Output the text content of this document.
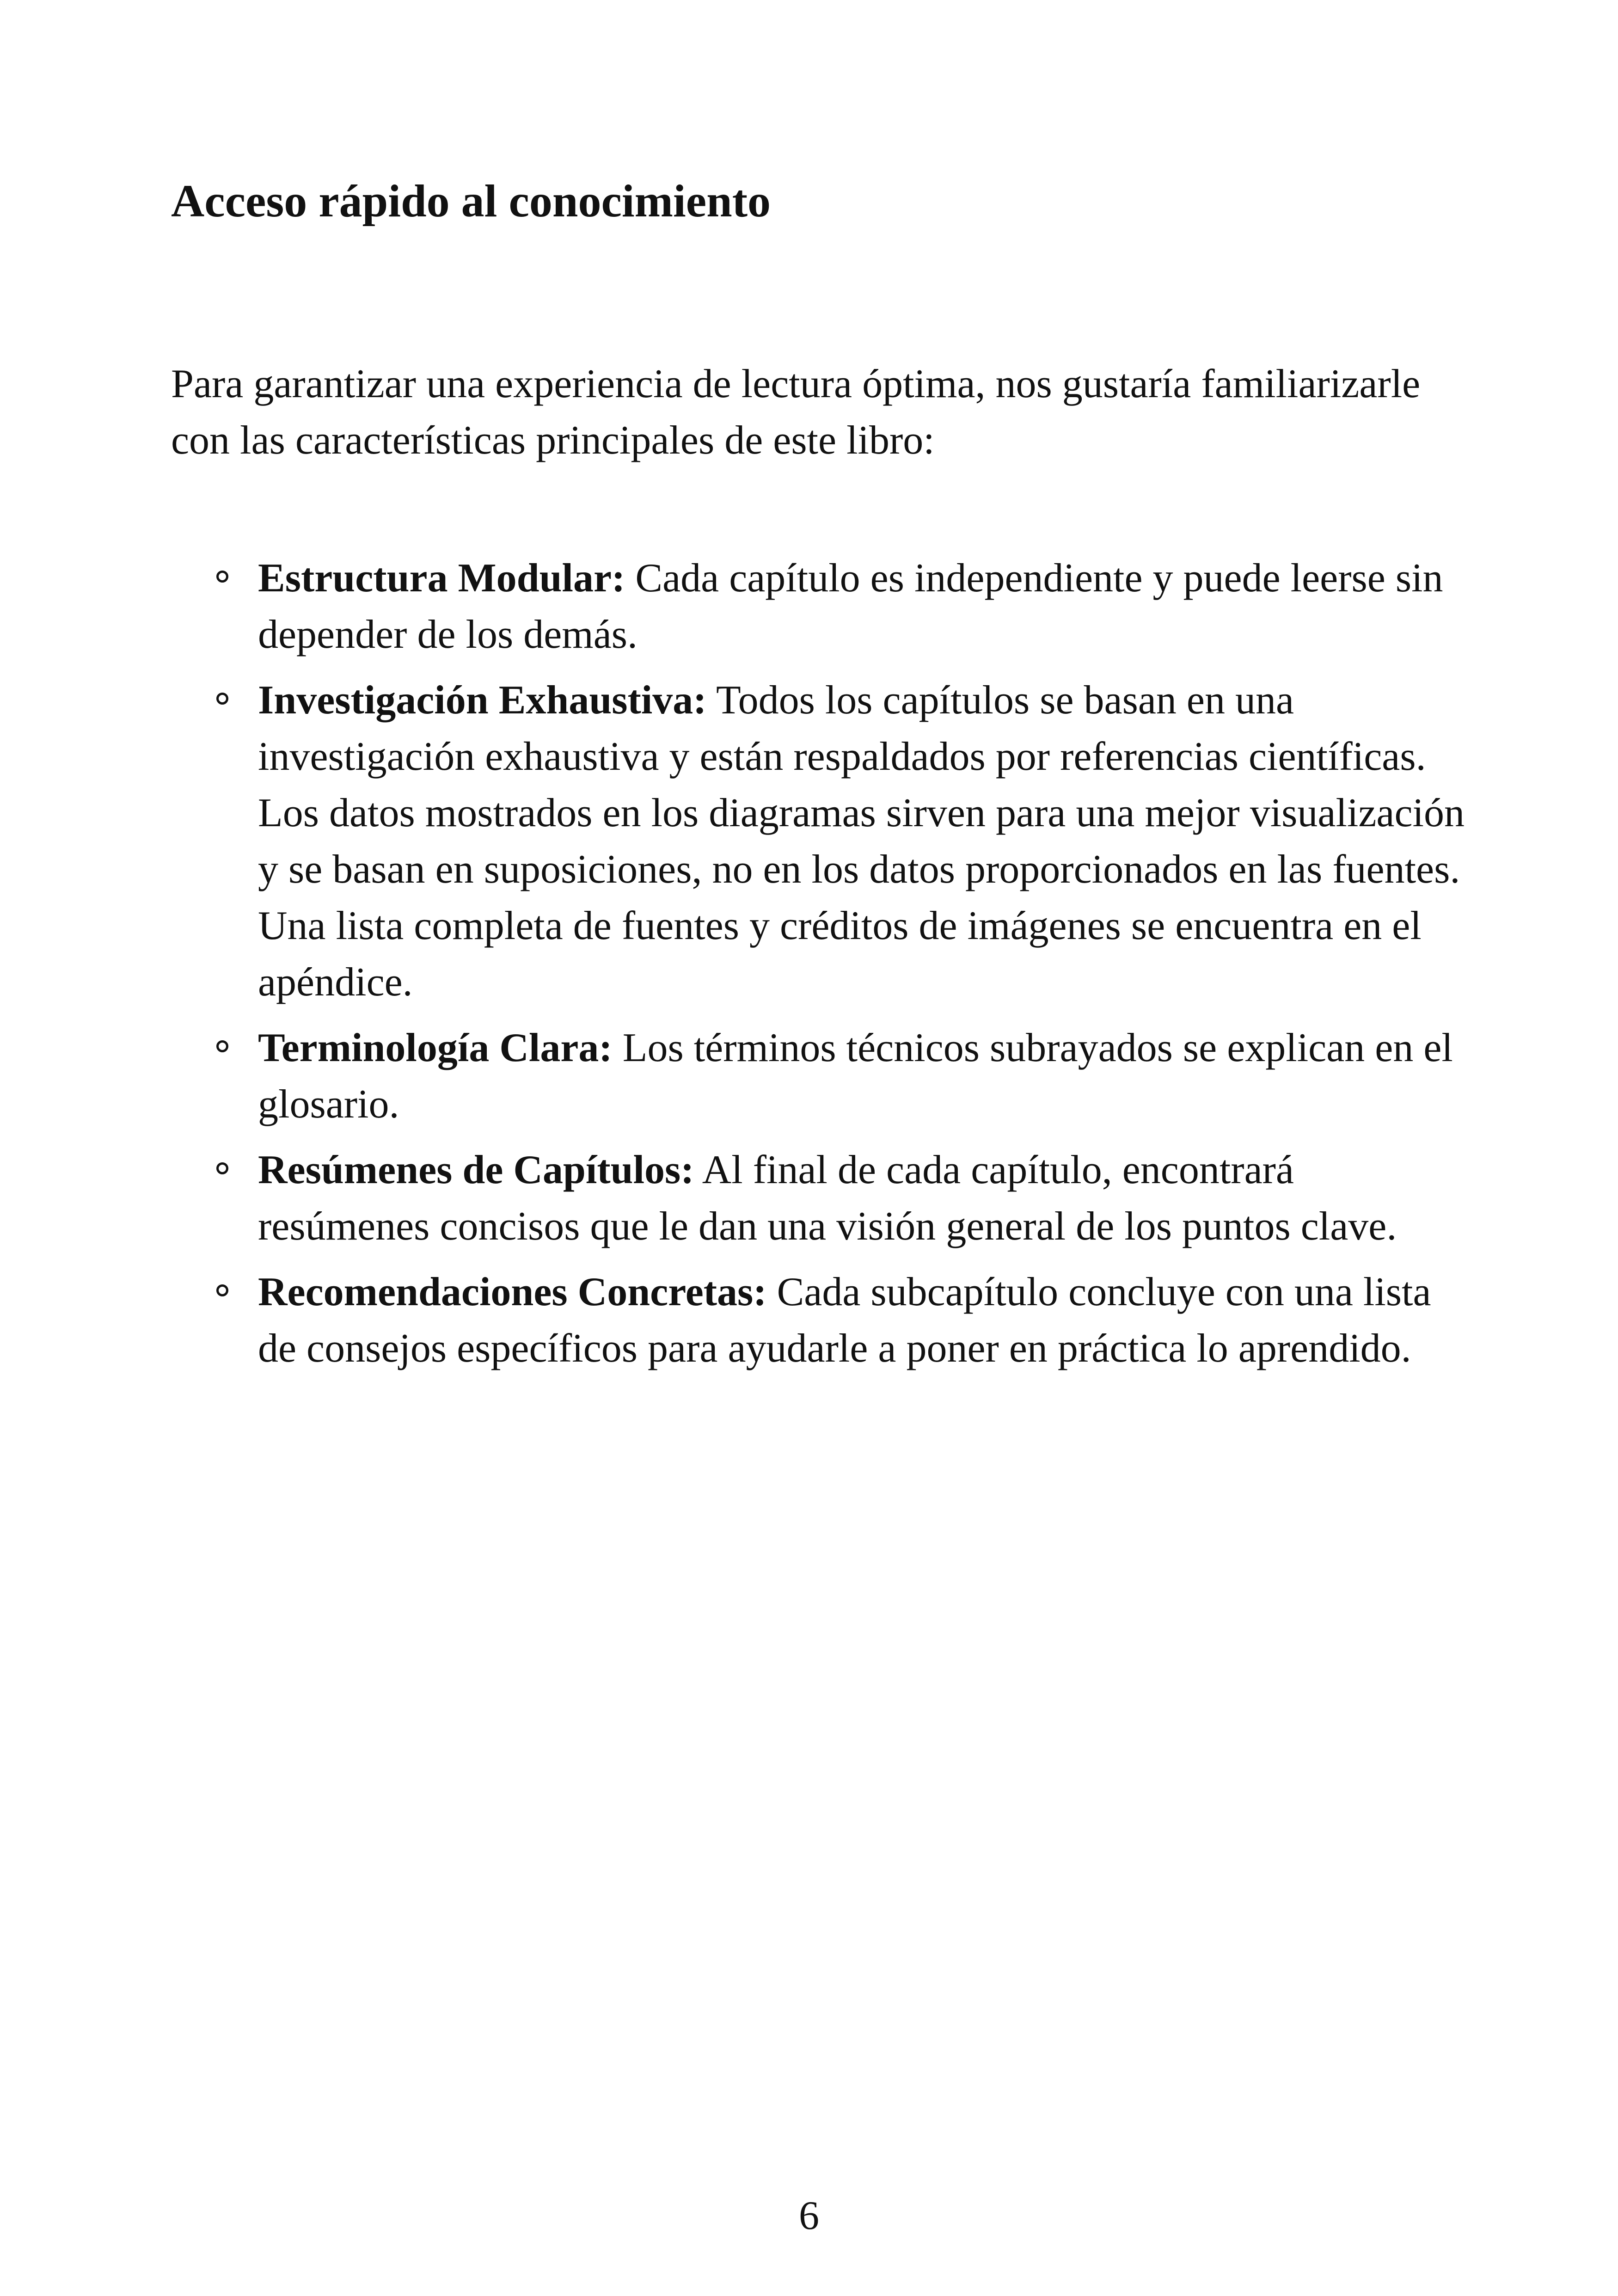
Acceso rápido al conocimiento

Para garantizar una experiencia de lectura óptima, nos gustaría familiarizarle con las características principales de este libro:

Estructura Modular: Cada capítulo es independiente y puede leerse sin depender de los demás.
Investigación Exhaustiva: Todos los capítulos se basan en una investigación exhaustiva y están respaldados por referencias científicas. Los datos mostrados en los diagramas sirven para una mejor visualización y se basan en suposiciones, no en los datos proporcionados en las fuentes. Una lista completa de fuentes y créditos de imágenes se encuentra en el apéndice.
Terminología Clara: Los términos técnicos subrayados se explican en el glosario.
Resúmenes de Capítulos: Al final de cada capítulo, encontrará resúmenes concisos que le dan una visión general de los puntos clave.
Recomendaciones Concretas: Cada subcapítulo concluye con una lista de consejos específicos para ayudarle a poner en práctica lo aprendido.
6
